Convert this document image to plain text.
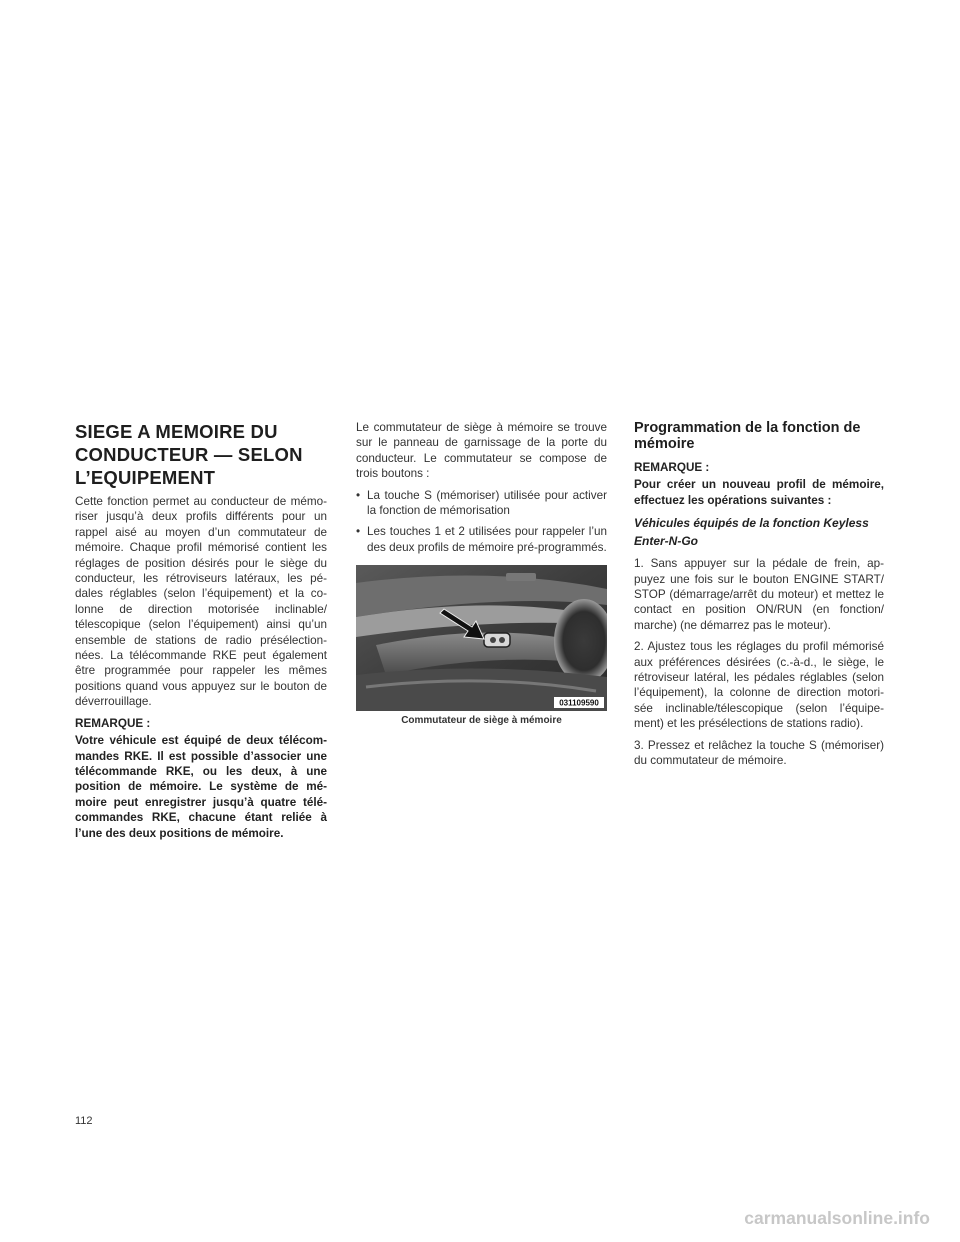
SIEGE A MEMOIRE DU
CONDUCTEUR — SELON
L’EQUIPEMENT

Cette fonction permet au conducteur de mémo-riser jusqu’à deux profils différents pour un rappel aisé au moyen d’un commutateur de mémoire. Chaque profil mémorisé contient les réglages de position désirés pour le siège du conducteur, les rétroviseurs latéraux, les pé-dales réglables (selon l’équipement) et la co-lonne de direction motorisée inclinable/ télescopique (selon l’équipement) ainsi qu’un ensemble de stations de radio présélection-nées. La télécommande RKE peut également être programmée pour rappeler les mêmes positions quand vous appuyez sur le bouton de déverrouillage.

REMARQUE :

Votre véhicule est équipé de deux télécom-mandes RKE. Il est possible d’associer une télécommande RKE, ou les deux, à une position de mémoire. Le système de mé-moire peut enregistrer jusqu’à quatre télé-commandes RKE, chacune étant reliée à l’une des deux positions de mémoire.

Le commutateur de siège à mémoire se trouve sur le panneau de garnissage de la porte du conducteur. Le commutateur se compose de trois boutons :

• La touche S (mémoriser) utilisée pour activer la fonction de mémorisation
• Les touches 1 et 2 utilisées pour rappeler l’un des deux profils de mémoire pré-programmés.
031109590
Commutateur de siège à mémoire
Programmation de la fonction de
mémoire

REMARQUE :

Pour créer un nouveau profil de mémoire, effectuez les opérations suivantes :

Véhicules équipés de la fonction Keyless
Enter-N-Go

1. Sans appuyer sur la pédale de frein, ap-puyez une fois sur le bouton ENGINE START/ STOP (démarrage/arrêt du moteur) et mettez le contact en position ON/RUN (en fonction/ marche) (ne démarrez pas le moteur).

2. Ajustez tous les réglages du profil mémorisé aux préférences désirées (c.-à-d., le siège, le rétroviseur latéral, les pédales réglables (selon l’équipement), la colonne de direction motori-sée inclinable/télescopique (selon l’équipe-ment) et les présélections de stations radio).

3. Pressez et relâchez la touche S (mémoriser) du commutateur de mémoire.

112
carmanualsonline.info
